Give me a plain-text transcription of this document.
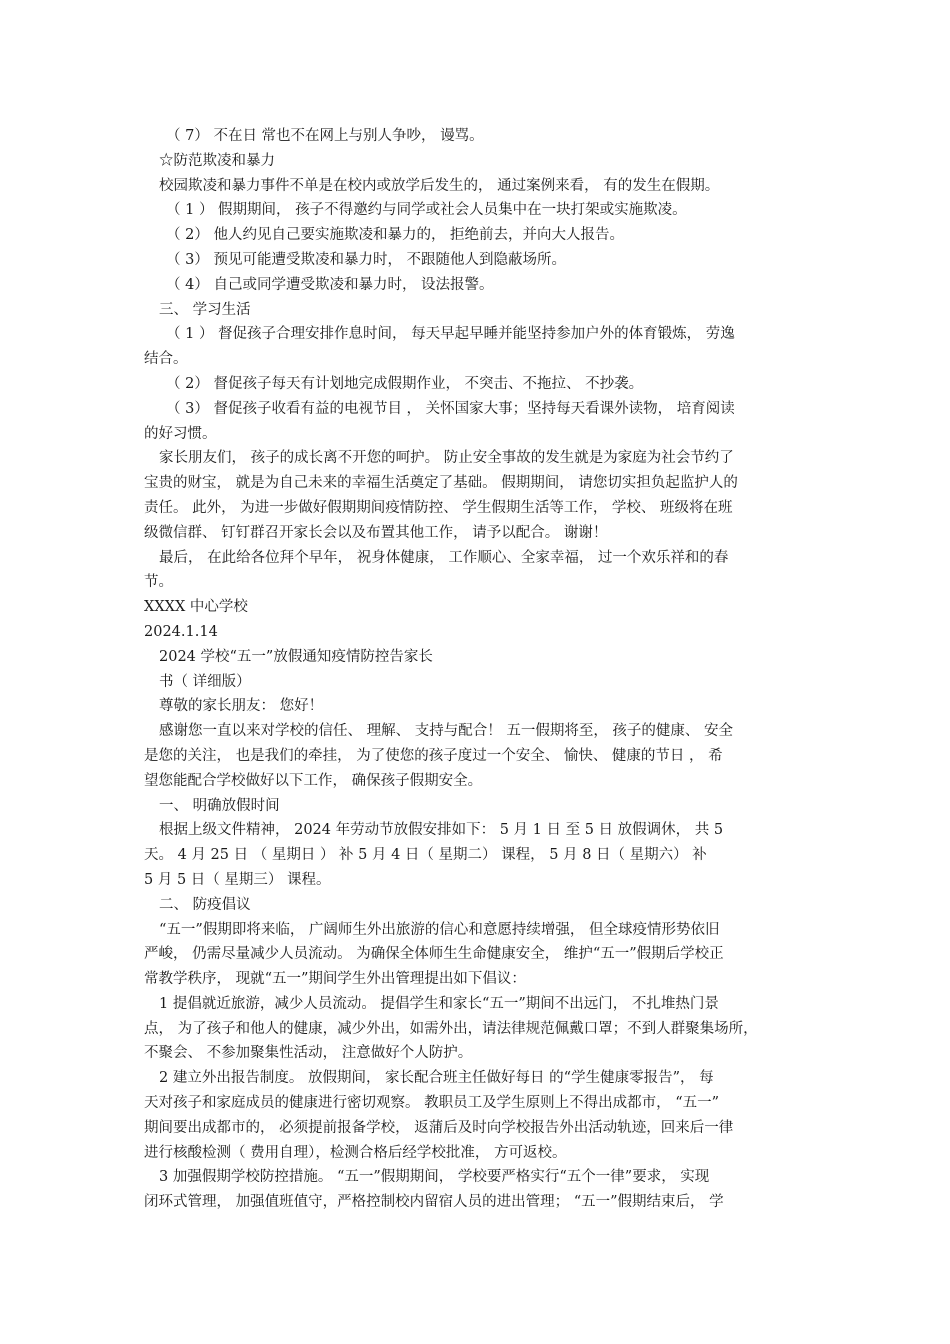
（ 7） 不在日 常也不在网上与别人争吵， 谩骂。
☆防范欺凌和暴力
校园欺凌和暴力事件不单是在校内或放学后发生的， 通过案例来看， 有的发生在假期。
（ 1 ） 假期期间， 孩子不得邀约与同学或社会人员集中在一块打架或实施欺凌。
（ 2） 他人约见自己要实施欺凌和暴力的， 拒绝前去，并向大人报告。
（ 3） 预见可能遭受欺凌和暴力时， 不跟随他人到隐蔽场所。
（ 4） 自己或同学遭受欺凌和暴力时， 设法报警。
三、 学习生活
（ 1 ） 督促孩子合理安排作息时间， 每天早起早睡并能坚持参加户外的体育锻炼， 劳逸
结合。
（ 2） 督促孩子每天有计划地完成假期作业， 不突击、不拖拉、 不抄袭。
（ 3） 督促孩子收看有益的电视节目 ， 关怀国家大事；坚持每天看课外读物， 培育阅读
的好习惯。
家长朋友们， 孩子的成长离不开您的呵护。 防止安全事故的发生就是为家庭为社会节约了
宝贵的财宝， 就是为自己未来的幸福生活奠定了基础。 假期期间， 请您切实担负起监护人的
责任。 此外， 为进一步做好假期期间疫情防控、 学生假期生活等工作， 学校、 班级将在班
级微信群、 钉钉群召开家长会以及布置其他工作， 请予以配合。 谢谢！
最后， 在此给各位拜个早年， 祝身体健康， 工作顺心、全家幸福， 过一个欢乐祥和的春
节。
XXXX 中心学校
2024.1.14
2024 学校“五一”放假通知疫情防控告家长
书（ 详细版）
尊敬的家长朋友： 您好！
感谢您一直以来对学校的信任、 理解、 支持与配合！ 五一假期将至， 孩子的健康、 安全
是您的关注， 也是我们的牵挂， 为了使您的孩子度过一个安全、 愉快、 健康的节日 ， 希
望您能配合学校做好以下工作， 确保孩子假期安全。
一、 明确放假时间
根据上级文件精神， 2024 年劳动节放假安排如下： 5 月 1 日 至 5 日 放假调休， 共 5
天。 4 月 25 日 （ 星期日 ） 补 5 月 4 日（ 星期二） 课程， 5 月 8 日（ 星期六） 补
5 月 5 日（ 星期三） 课程。
二、 防疫倡议
“五一”假期即将来临， 广阔师生外出旅游的信心和意愿持续增强， 但全球疫情形势依旧
严峻， 仍需尽量减少人员流动。 为确保全体师生生命健康安全， 维护“五一”假期后学校正
常教学秩序， 现就“五一”期间学生外出管理提出如下倡议：
1 提倡就近旅游，减少人员流动。 提倡学生和家长“五一”期间不出远门， 不扎堆热门景
点， 为了孩子和他人的健康，减少外出，如需外出，请法律规范佩戴口罩；不到人群聚集场所，
不聚会、 不参加聚集性活动， 注意做好个人防护。
2 建立外出报告制度。 放假期间， 家长配合班主任做好每日 的“学生健康零报告”， 每
天对孩子和家庭成员的健康进行密切观察。 教职员工及学生原则上不得出成都市， “五一”
期间要出成都市的， 必须提前报备学校， 返蒲后及时向学校报告外出活动轨迹，回来后一律
进行核酸检测（ 费用自理），检测合格后经学校批准， 方可返校。
3 加强假期学校防控措施。 “五一”假期期间， 学校要严格实行“五个一律”要求， 实现
闭环式管理， 加强值班值守，严格控制校内留宿人员的进出管理； “五一”假期结束后， 学
